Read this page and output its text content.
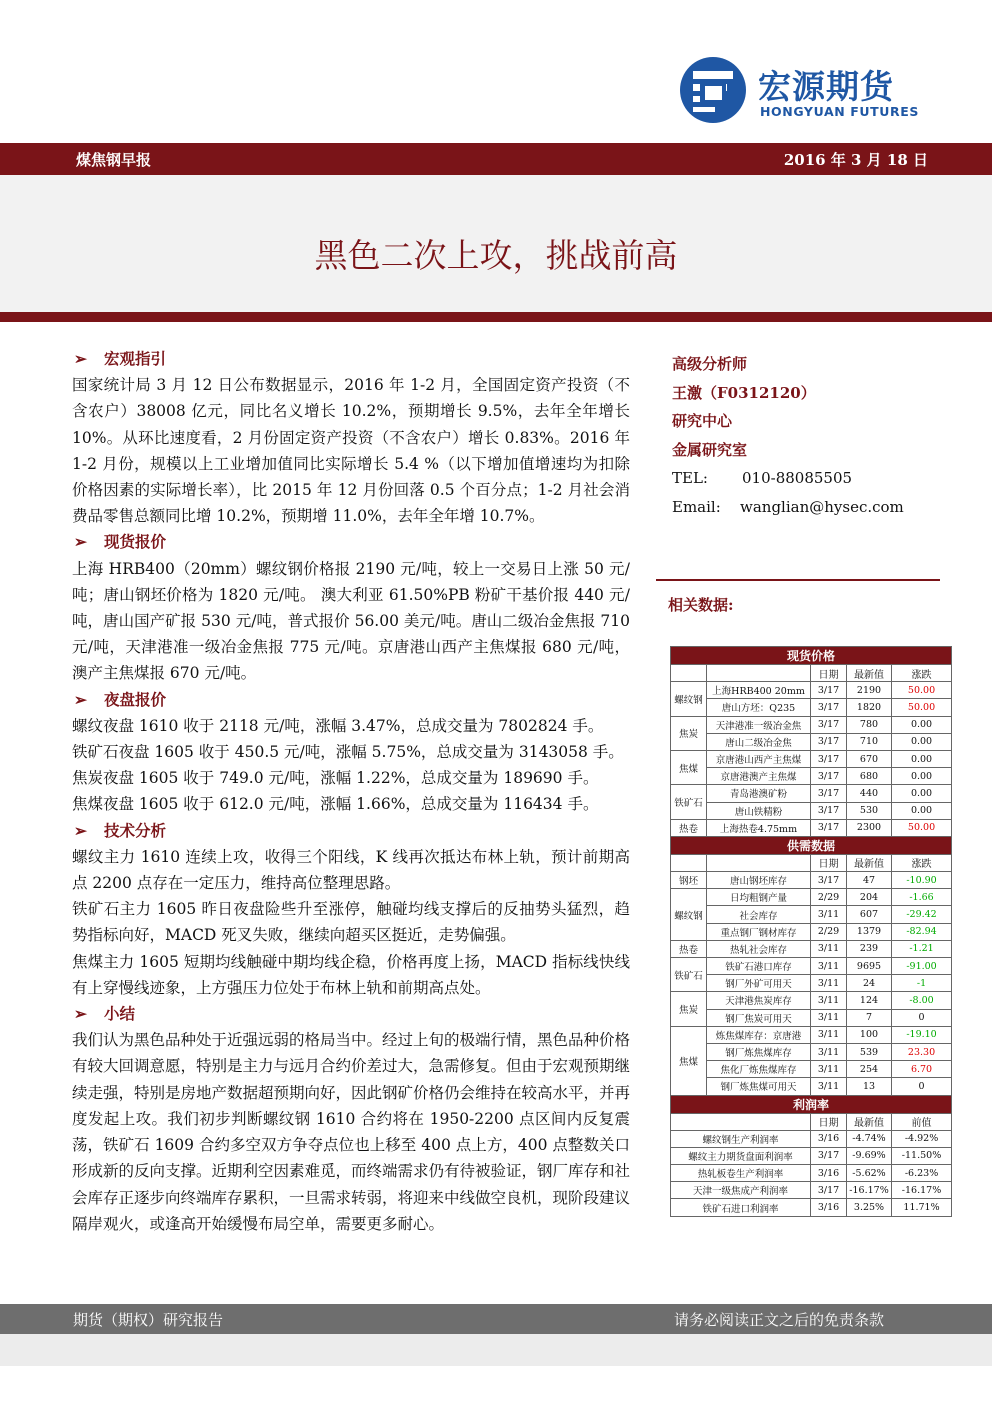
宏源期货
HONGYUAN FUTURES
煤焦钢早报	2016 年 3 月 18 日
黑色二次上攻，挑战前高
➢ 宏观指引
国家统计局 3 月 12 日公布数据显示，2016 年 1-2 月，全国固定资产投资（不含农户）38008 亿元，同比名义增长 10.2%，预期增长 9.5%，去年全年增长 10%。从环比速度看，2 月份固定资产投资（不含农户）增长 0.83%。2016 年 1-2 月份，规模以上工业增加值同比实际增长 5.4 %（以下增加值增速均为扣除价格因素的实际增长率），比 2015 年 12 月份回落 0.5 个百分点；1-2 月社会消费品零售总额同比增 10.2%，预期增 11.0%，去年全年增 10.7%。
➢ 现货报价
上海 HRB400（20mm）螺纹钢价格报 2190 元/吨，较上一交易日上涨 50 元/吨；唐山钢坯价格为 1820 元/吨。 澳大利亚 61.50%PB 粉矿干基价报 440 元/吨，唐山国产矿报 530 元/吨，普式报价 56.00 美元/吨。唐山二级冶金焦报 710 元/吨，天津港准一级冶金焦报 775 元/吨。京唐港山西产主焦煤报 680 元/吨，澳产主焦煤报 670 元/吨。
➢ 夜盘报价
螺纹夜盘 1610 收于 2118 元/吨，涨幅 3.47%，总成交量为 7802824 手。
铁矿石夜盘 1605 收于 450.5 元/吨，涨幅 5.75%，总成交量为 3143058 手。
焦炭夜盘 1605 收于 749.0 元/吨，涨幅 1.22%，总成交量为 189690 手。
焦煤夜盘 1605 收于 612.0 元/吨，涨幅 1.66%，总成交量为 116434 手。
➢ 技术分析
螺纹主力 1610 连续上攻，收得三个阳线，K 线再次抵达布林上轨，预计前期高点 2200 点存在一定压力，维持高位整理思路。
铁矿石主力 1605 昨日夜盘险些升至涨停，触碰均线支撑后的反抽势头猛烈，趋势指标向好，MACD 死叉失败，继续向超买区挺近，走势偏强。
焦煤主力 1605 短期均线触碰中期均线企稳，价格再度上扬，MACD 指标线快线有上穿慢线迹象，上方强压力位处于布林上轨和前期高点处。
➢ 小结
我们认为黑色品种处于近强远弱的格局当中。经过上旬的极端行情，黑色品种价格有较大回调意愿，特别是主力与远月合约价差过大，急需修复。但由于宏观预期继续走强，特别是房地产数据超预期向好，因此钢矿价格仍会维持在较高水平，并再度发起上攻。我们初步判断螺纹钢 1610 合约将在 1950-2200 点区间内反复震荡，铁矿石 1609 合约多空双方争夺点位也上移至 400 点上方，400 点整数关口形成新的反向支撑。近期利空因素难觅，而终端需求仍有待被验证，钢厂库存和社会库存正逐步向终端库存累积，一旦需求转弱，将迎来中线做空良机，现阶段建议隔岸观火，或逢高开始缓慢布局空单，需要更多耐心。
高级分析师
王激（F0312120）
研究中心
金属研究室
TEL: 010-88085505
Email: wanglian@hysec.com
相关数据:
现货价格				
		日期	最新值	涨跌
螺纹钢	上海HRB400 20mm	3/17	2190	50.00
	唐山方坯：Q235	3/17	1820	50.00
焦炭	天津港准一级冶金焦	3/17	780	0.00
	唐山二级冶金焦	3/17	710	0.00
焦煤	京唐港山西产主焦煤	3/17	670	0.00
	京唐港澳产主焦煤	3/17	680	0.00
铁矿石	青岛港澳矿粉	3/17	440	0.00
	唐山铁精粉	3/17	530	0.00
热卷	上海热卷4.75mm	3/17	2300	50.00
供需数据				
		日期	最新值	涨跌
钢坯	唐山钢坯库存	3/17	47	-10.90
螺纹钢	日均粗钢产量	2/29	204	-1.66
	社会库存	3/11	607	-29.42
	重点钢厂钢材库存	2/29	1379	-82.94
热卷	热轧社会库存	3/11	239	-1.21
铁矿石	铁矿石港口库存	3/11	9695	-91.00
	钢厂外矿可用天	3/11	24	-1
焦炭	天津港焦炭库存	3/11	124	-8.00
	钢厂焦炭可用天	3/11	7	0
焦煤	炼焦煤库存：京唐港	3/11	100	-19.10
	钢厂炼焦煤库存	3/11	539	23.30
	焦化厂炼焦煤库存	3/11	254	6.70
	钢厂炼焦煤可用天	3/11	13	0
利润率				
		日期	最新值	前值
螺纹钢生产利润率		3/16	-4.74%	-4.92%
螺纹主力期货盘面利润率		3/17	-9.69%	-11.50%
热轧板卷生产利润率		3/16	-5.62%	-6.23%
天津一级焦成产利润率		3/17	-16.17%	-16.17%
铁矿石进口利润率		3/16	3.25%	11.71%
期货（期权）研究报告	请务必阅读正文之后的免责条款
